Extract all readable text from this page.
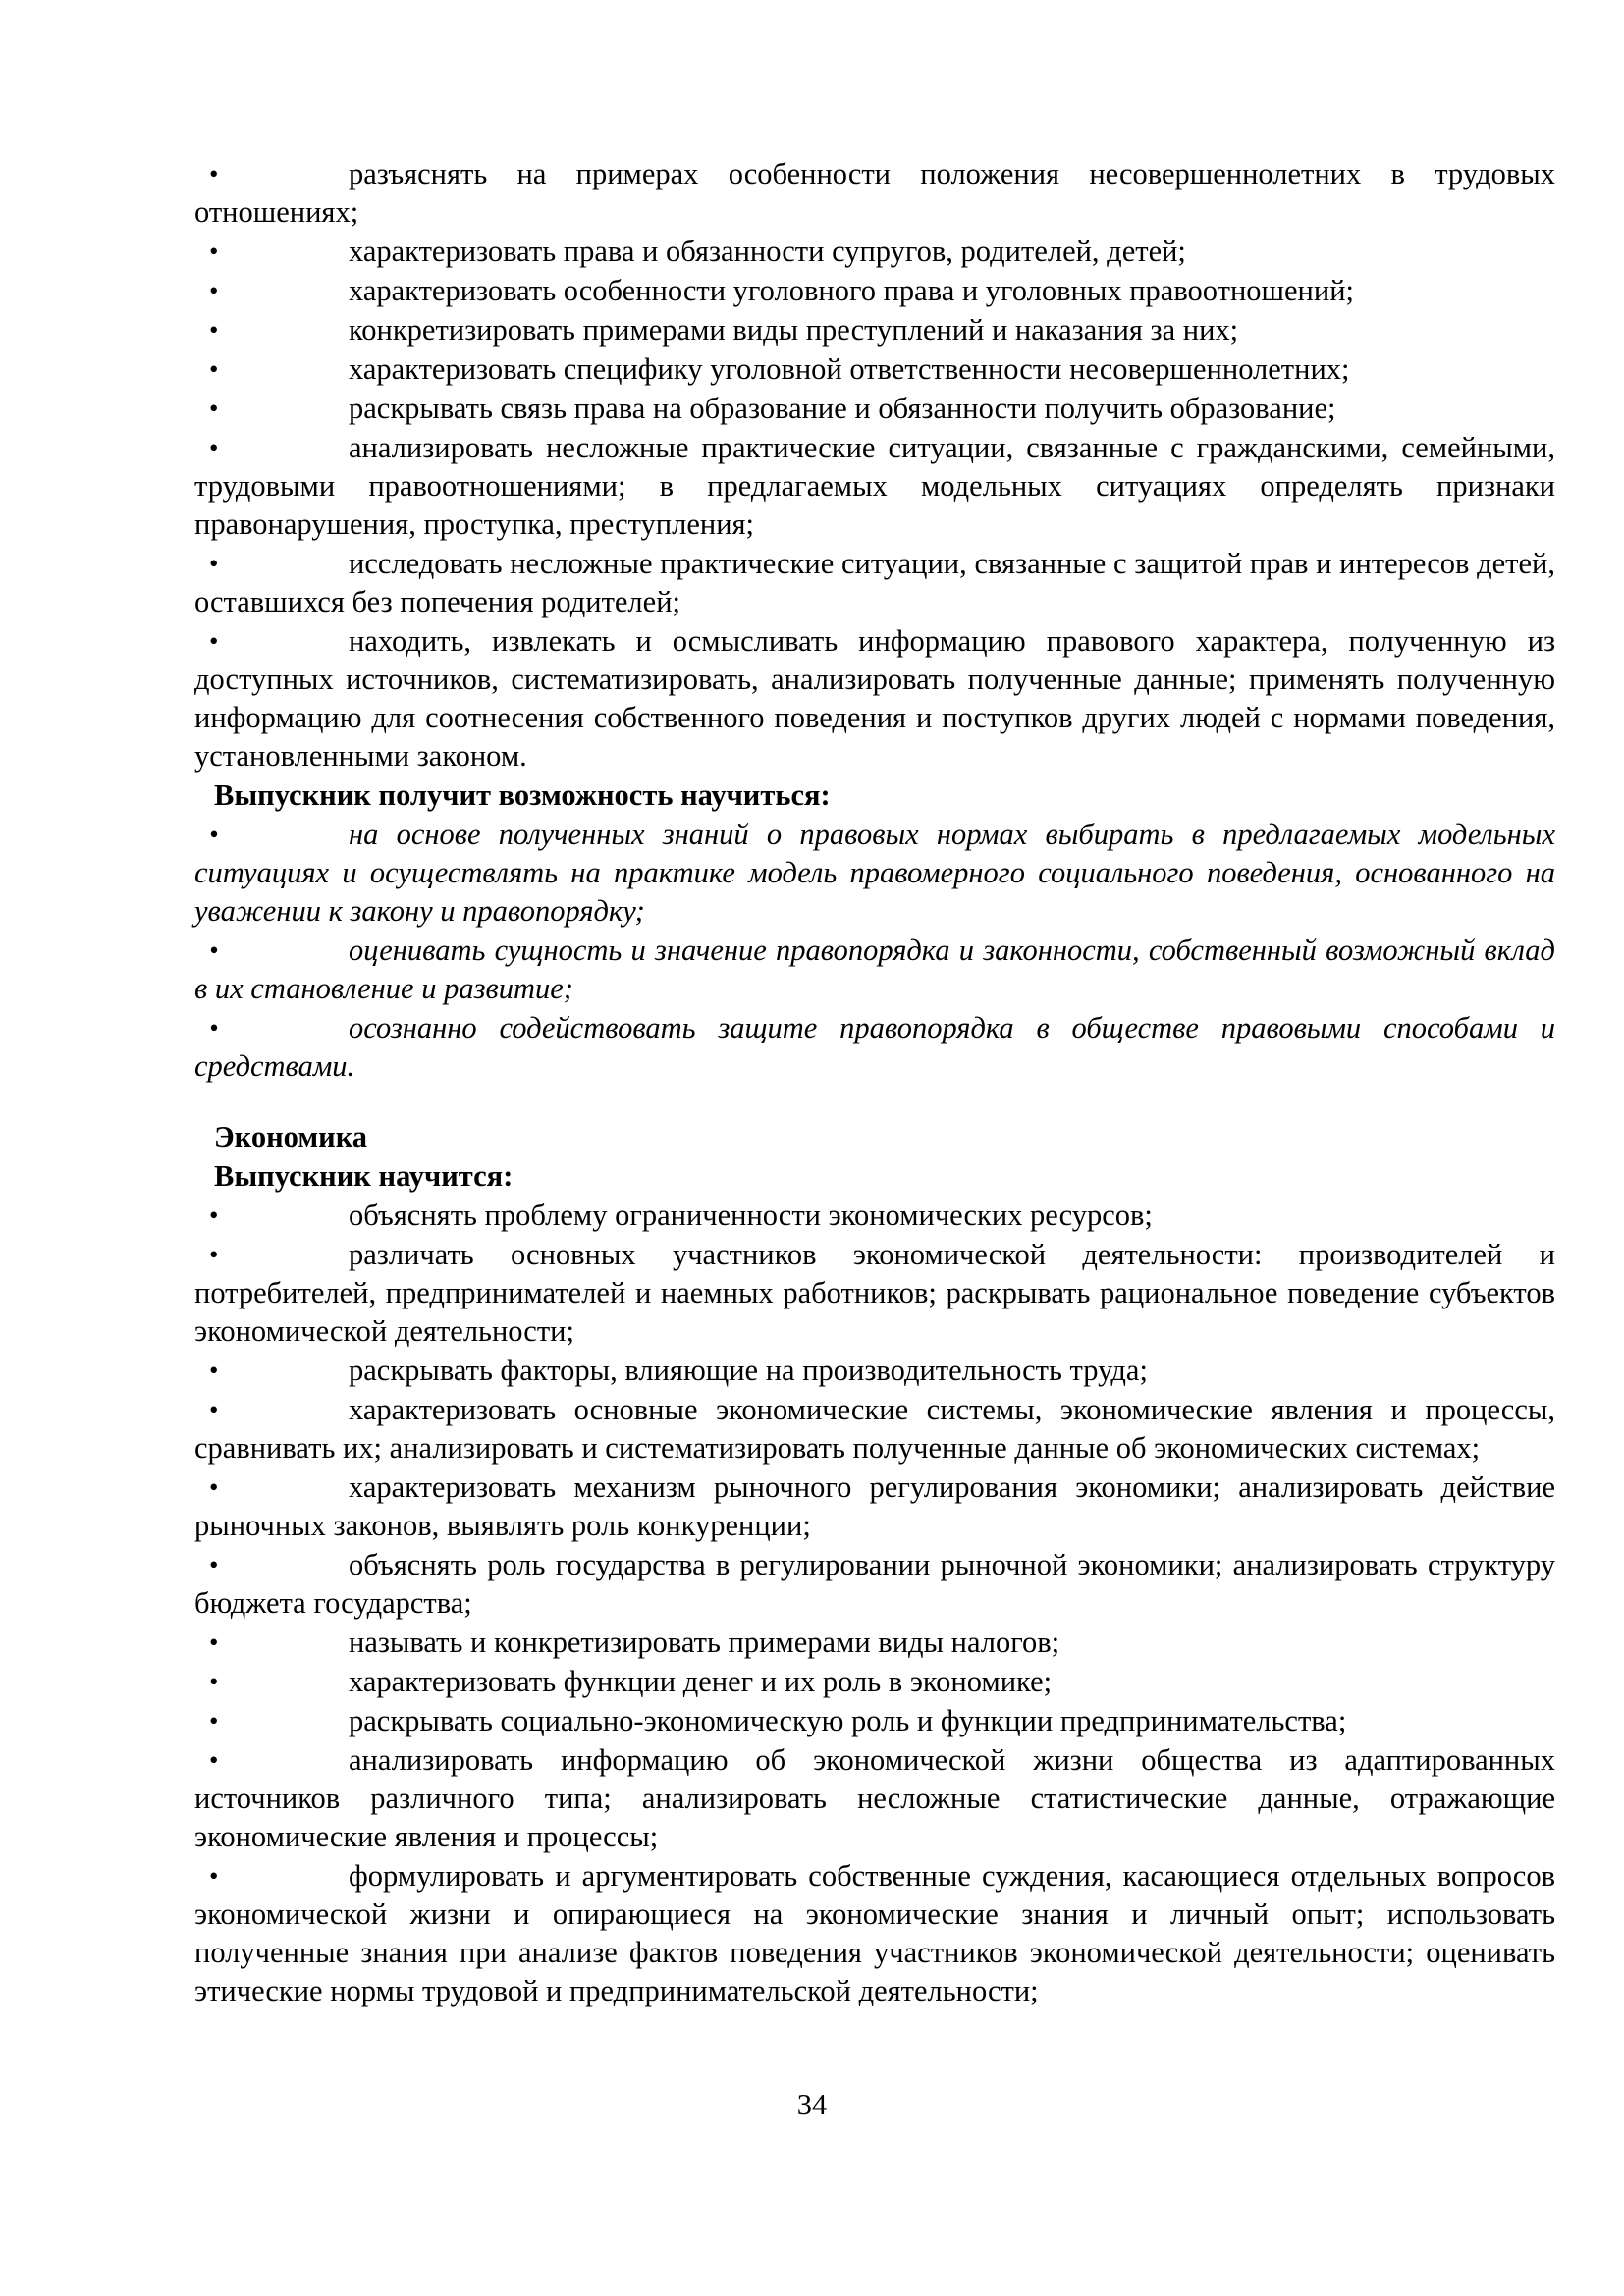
•	разъяснять на примерах особенности положения несовершеннолетних в трудовых отношениях;
•	характеризовать права и обязанности супругов, родителей, детей;
•	характеризовать особенности уголовного права и уголовных правоотношений;
•	конкретизировать примерами виды преступлений и наказания за них;
•	характеризовать специфику уголовной ответственности несовершеннолетних;
•	раскрывать связь права на образование и обязанности получить образование;
•	анализировать несложные практические ситуации, связанные с гражданскими, семейными, трудовыми правоотношениями; в предлагаемых модельных ситуациях определять признаки правонарушения, проступка, преступления;
•	исследовать несложные практические ситуации, связанные с защитой прав и интересов детей, оставшихся без попечения родителей;
•	находить, извлекать и осмысливать информацию правового характера, полученную из доступных источников, систематизировать, анализировать полученные данные; применять полученную информацию для соотнесения собственного поведения и поступков других людей с нормами поведения, установленными законом.
Выпускник получит возможность научиться:
•	на основе полученных знаний о правовых нормах выбирать в предлагаемых модельных ситуациях и осуществлять на практике модель правомерного социального поведения, основанного на уважении к закону и правопорядку;
•	оценивать сущность и значение правопорядка и законности, собственный возможный вклад в их становление и развитие;
•	осознанно содействовать защите правопорядка в обществе правовыми способами и средствами.
Экономика
Выпускник научится:
•	объяснять проблему ограниченности экономических ресурсов;
•	различать основных участников экономической деятельности: производителей и потребителей, предпринимателей и наемных работников; раскрывать рациональное поведение субъектов экономической деятельности;
•	раскрывать факторы, влияющие на производительность труда;
•	характеризовать основные экономические системы, экономические явления и процессы, сравнивать их; анализировать и систематизировать полученные данные об экономических системах;
•	характеризовать механизм рыночного регулирования экономики; анализировать действие рыночных законов, выявлять роль конкуренции;
•	объяснять роль государства в регулировании рыночной экономики; анализировать структуру бюджета государства;
•	называть и конкретизировать примерами виды налогов;
•	характеризовать функции денег и их роль в экономике;
•	раскрывать социально-экономическую роль и функции предпринимательства;
•	анализировать информацию об экономической жизни общества из адаптированных источников различного типа; анализировать несложные статистические данные, отражающие экономические явления и процессы;
•	формулировать и аргументировать собственные суждения, касающиеся отдельных вопросов экономической жизни и опирающиеся на экономические знания и личный опыт; использовать полученные знания при анализе фактов поведения участников экономической деятельности; оценивать этические нормы трудовой и предпринимательской деятельности;
34
